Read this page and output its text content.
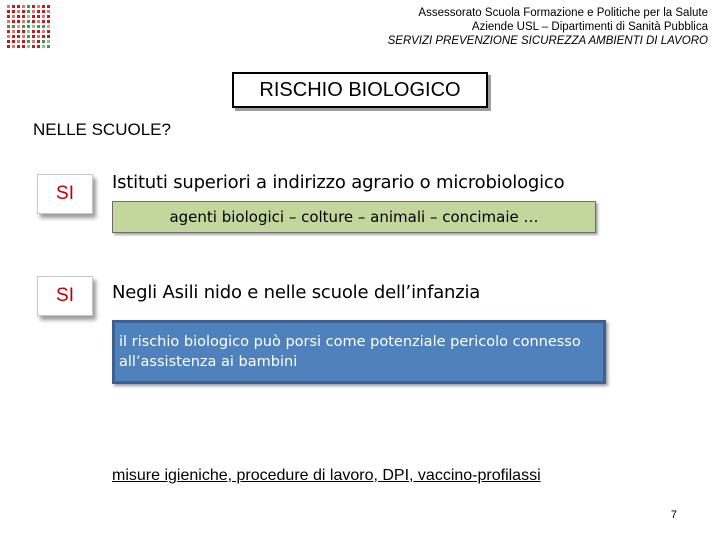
Assessorato Scuola Formazione e Politiche per la Salute
Aziende USL – Dipartimenti di Sanità Pubblica
SERVIZI PREVENZIONE SICUREZZA AMBIENTI DI LAVORO
RISCHIO BIOLOGICO
NELLE SCUOLE?
SI
Istituti superiori a indirizzo agrario o microbiologico
agenti biologici – colture – animali – concimaie …
SI	Negli Asili nido e nelle scuole dell’infanzia
il rischio biologico può porsi come potenziale pericolo connesso all’assistenza ai bambini
misure igieniche, procedure di lavoro, DPI, vaccino-profilassi
7
